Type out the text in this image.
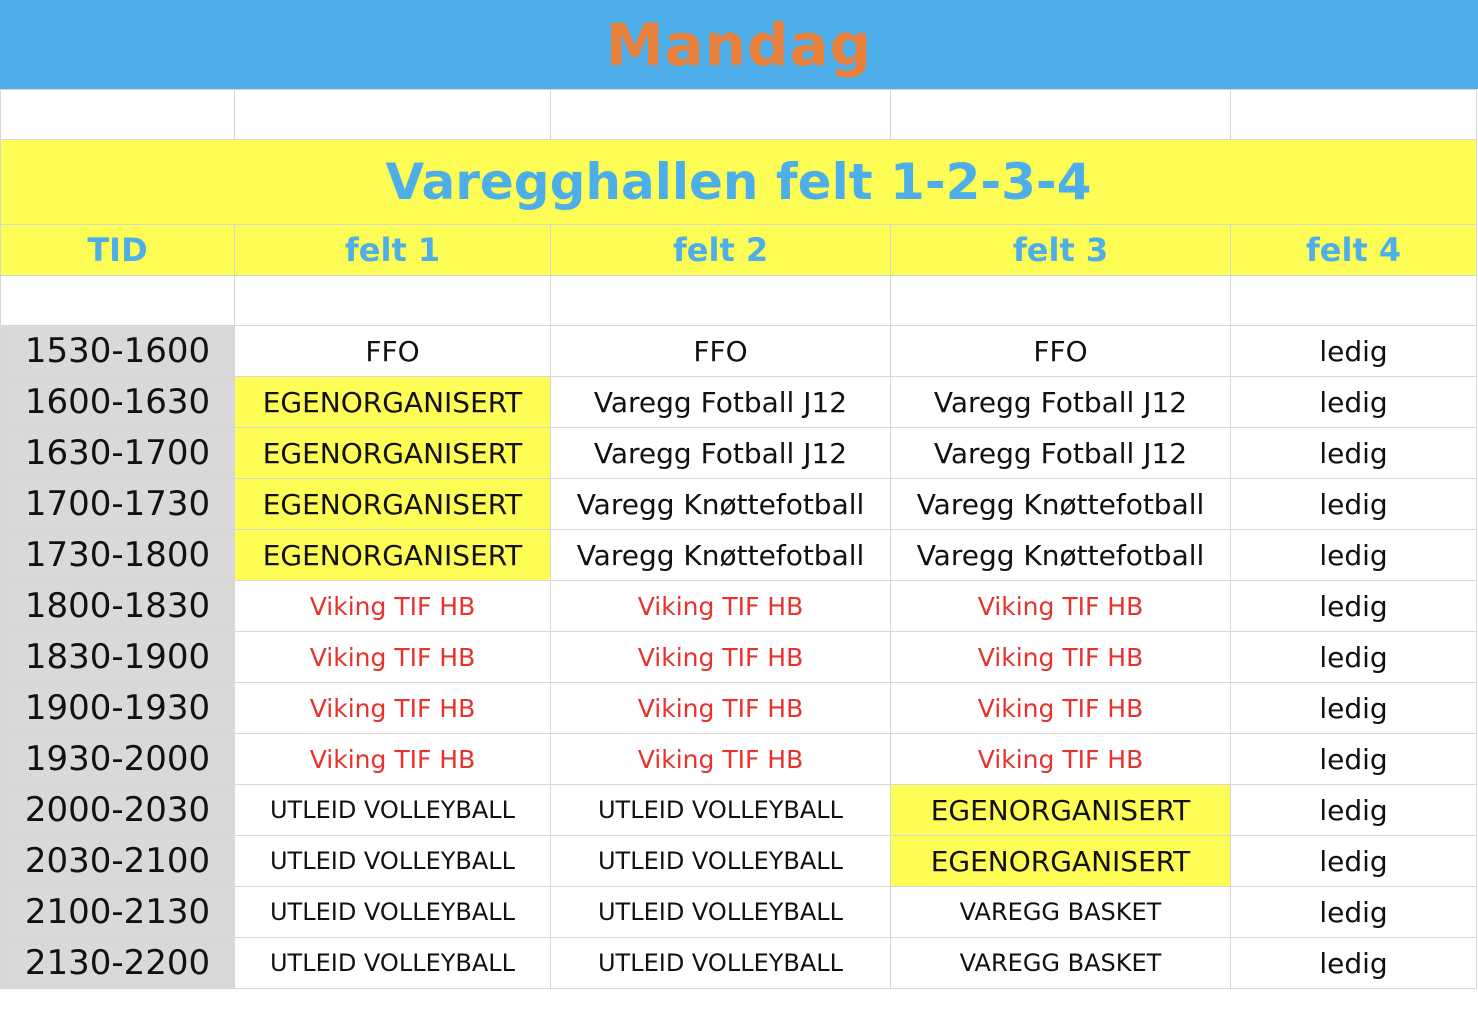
Mandag

Varegghallen felt 1-2-3-4				
TID	felt 1	felt 2	felt 3	felt 4

1530-1600	FFO	FFO	FFO	ledig
1600-1630	EGENORGANISERT	Varegg Fotball J12	Varegg Fotball J12	ledig
1630-1700	EGENORGANISERT	Varegg Fotball J12	Varegg Fotball J12	ledig
1700-1730	EGENORGANISERT	Varegg Knøttefotball	Varegg Knøttefotball	ledig
1730-1800	EGENORGANISERT	Varegg Knøttefotball	Varegg Knøttefotball	ledig
1800-1830	Viking TIF HB	Viking TIF HB	Viking TIF HB	ledig
1830-1900	Viking TIF HB	Viking TIF HB	Viking TIF HB	ledig
1900-1930	Viking TIF HB	Viking TIF HB	Viking TIF HB	ledig
1930-2000	Viking TIF HB	Viking TIF HB	Viking TIF HB	ledig
2000-2030	UTLEID VOLLEYBALL	UTLEID VOLLEYBALL	EGENORGANISERT	ledig
2030-2100	UTLEID VOLLEYBALL	UTLEID VOLLEYBALL	EGENORGANISERT	ledig
2100-2130	UTLEID VOLLEYBALL	UTLEID VOLLEYBALL	VAREGG BASKET	ledig
2130-2200	UTLEID VOLLEYBALL	UTLEID VOLLEYBALL	VAREGG BASKET	ledig
